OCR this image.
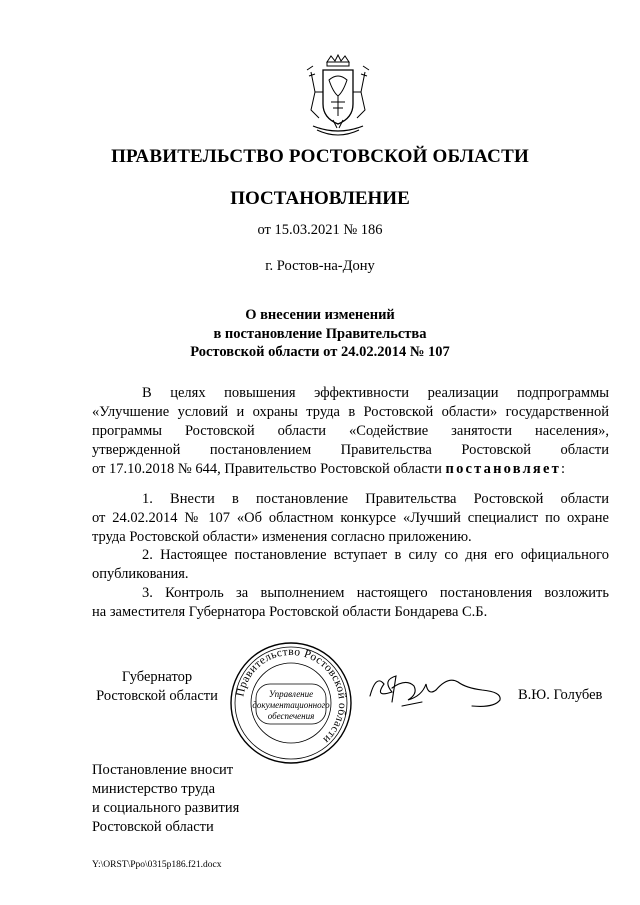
ПРАВИТЕЛЬСТВО РОСТОВСКОЙ ОБЛАСТИ
ПОСТАНОВЛЕНИЕ
от 15.03.2021 № 186
г. Ростов-на-Дону
О внесении изменений
в постановление Правительства
Ростовской области от 24.02.2014 № 107
В целях повышения эффективности реализации подпрограммы
«Улучшение условий и охраны труда в Ростовской области» государственной
программы Ростовской области «Содействие занятости населения»,
утвержденной постановлением Правительства Ростовской области
от 17.10.2018 № 644, Правительство Ростовской области постановляет:
1. Внести в постановление Правительства Ростовской области
от 24.02.2014 № 107 «Об областном конкурсе «Лучший специалист по охране
труда Ростовской области» изменения согласно приложению.
2. Настоящее постановление вступает в силу со дня его официального
опубликования.
3. Контроль за выполнением настоящего постановления возложить
на заместителя Губернатора Ростовской области Бондарева С.Б.
Губернатор
Ростовской области	Правительство Ростовской области
Управление
документационного
обеспечения
В.Ю. Голубев
Постановление вносит
министерство труда
и социального развития
Ростовской области
Y:\ORST\Ppo\0315p186.f21.docx
